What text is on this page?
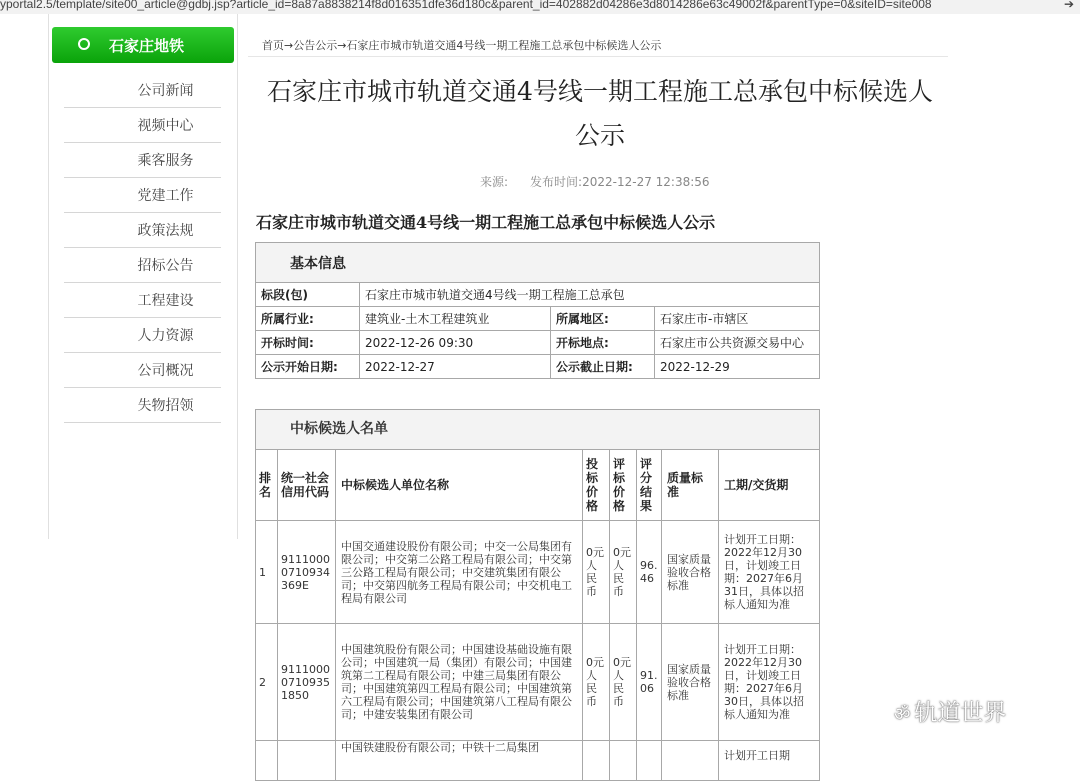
yportal2.5/template/site00_article@gdbj.jsp?article_id=8a87a8838214f8d016351dfe36d180c&parent_id=402882d04286e3d8014286e63c49002f&parentType=0&siteID=site008	➔
石家庄地铁
公司新闻
视频中心
乘客服务
党建工作
政策法规
招标公告
工程建设
人力资源
公司概况
失物招领
首页→公告公示→石家庄市城市轨道交通4号线一期工程施工总承包中标候选人公示
石家庄市城市轨道交通4号线一期工程施工总承包中标候选人公示
来源: 发布时间:2022-12-27 12:38:56
石家庄市城市轨道交通4号线一期工程施工总承包中标候选人公示
基本信息			
标段(包)	石家庄市城市轨道交通4号线一期工程施工总承包		
所属行业:	建筑业-土木工程建筑业	所属地区:	石家庄市-市辖区
开标时间:	2022-12-26 09:30	开标地点:	石家庄市公共资源交易中心
公示开始日期:	2022-12-27	公示截止日期:	2022-12-29
中标候选人名单							
排名	统一社会信用代码	中标候选人单位名称	投标价格	评标价格	评分结果	质量标准	工期/交货期
1	91110000710934369E	中国交通建设股份有限公司；中交一公局集团有限公司；中交第二公路工程局有限公司；中交第三公路工程局有限公司；中交建筑集团有限公司；中交第四航务工程局有限公司；中交机电工程局有限公司	0元人民币	0元人民币	96.46	国家质量验收合格标准	计划开工日期：2022年12月30日，计划竣工日期：2027年6月31日，具体以招标人通知为准
2	911100007109351850	中国建筑股份有限公司；中国建设基础设施有限公司；中国建筑一局（集团）有限公司；中国建筑第二工程局有限公司；中建三局集团有限公司；中国建筑第四工程局有限公司；中国建筑第六工程局有限公司；中国建筑第八工程局有限公司；中建安装集团有限公司	0元人民币	0元人民币	91.06	国家质量验收合格标准	计划开工日期：2022年12月30日，计划竣工日期：2027年6月30日，具体以招标人通知为准

		中国铁建股份有限公司；中铁十二局集团					计划开工日期
ॐ 轨道世界
